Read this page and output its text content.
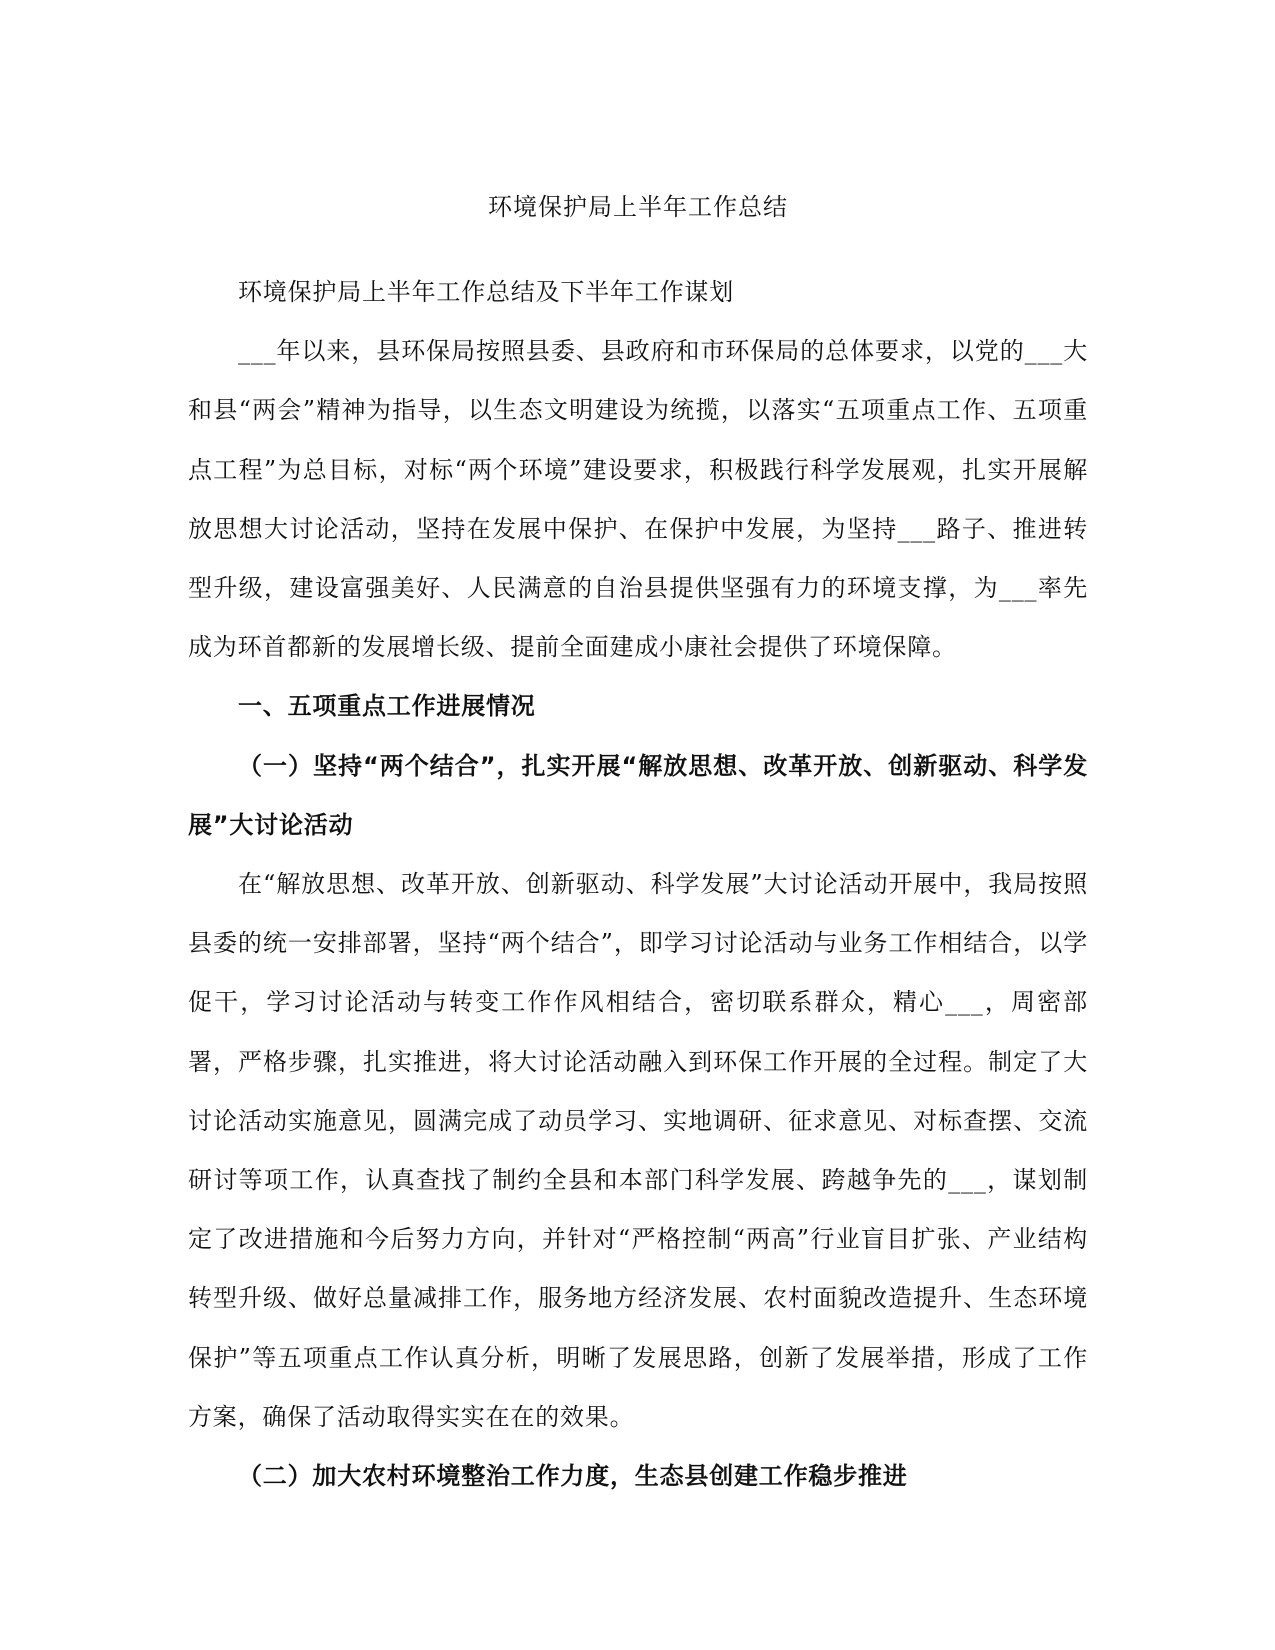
环境保护局上半年工作总结

环境保护局上半年工作总结及下半年工作谋划

___年以来，县环保局按照县委、县政府和市环保局的总体要求，以党的___大和县“两会”精神为指导，以生态文明建设为统揽，以落实“五项重点工作、五项重点工程”为总目标，对标“两个环境”建设要求，积极践行科学发展观，扎实开展解放思想大讨论活动，坚持在发展中保护、在保护中发展，为坚持___路子、推进转型升级，建设富强美好、人民满意的自治县提供坚强有力的环境支撑，为___率先成为环首都新的发展增长级、提前全面建成小康社会提供了环境保障。

一、五项重点工作进展情况

（一）坚持“两个结合”，扎实开展“解放思想、改革开放、创新驱动、科学发展”大讨论活动

在“解放思想、改革开放、创新驱动、科学发展”大讨论活动开展中，我局按照县委的统一安排部署，坚持“两个结合”，即学习讨论活动与业务工作相结合，以学促干，学习讨论活动与转变工作作风相结合，密切联系群众，精心___，周密部署，严格步骤，扎实推进，将大讨论活动融入到环保工作开展的全过程。制定了大讨论活动实施意见，圆满完成了动员学习、实地调研、征求意见、对标查摆、交流研讨等项工作，认真查找了制约全县和本部门科学发展、跨越争先的___，谋划制定了改进措施和今后努力方向，并针对“严格控制“两高”行业盲目扩张、产业结构转型升级、做好总量减排工作，服务地方经济发展、农村面貌改造提升、生态环境保护”等五项重点工作认真分析，明晰了发展思路，创新了发展举措，形成了工作方案，确保了活动取得实实在在的效果。

（二）加大农村环境整治工作力度，生态县创建工作稳步推进
